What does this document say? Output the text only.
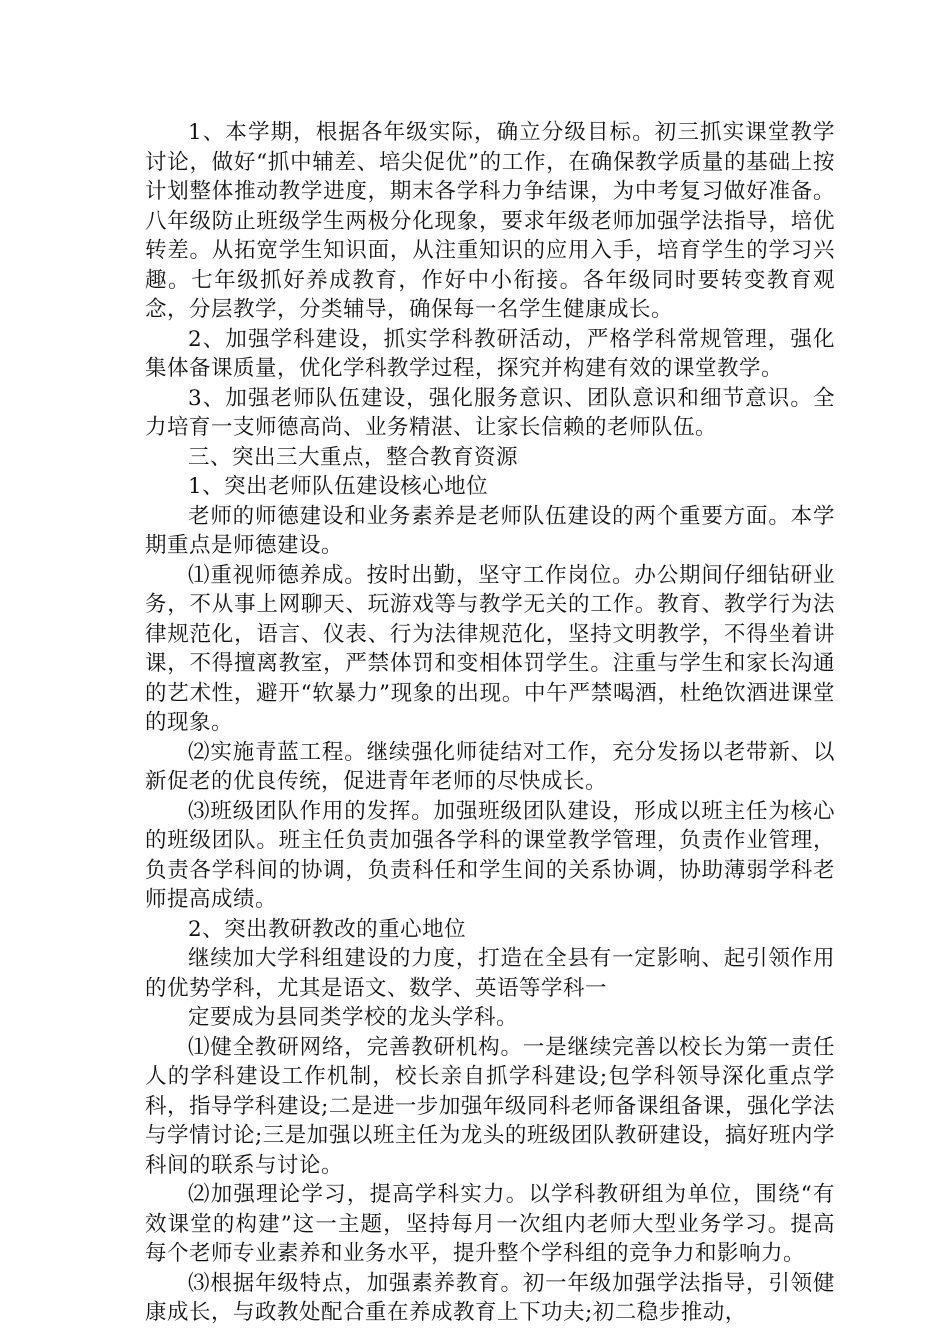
1、本学期，根据各年级实际，确立分级目标。初三抓实课堂教学讨论，做好“抓中辅差、培尖促优”的工作，在确保教学质量的基础上按计划整体推动教学进度，期末各学科力争结课，为中考复习做好准备。八年级防止班级学生两极分化现象，要求年级老师加强学法指导，培优转差。从拓宽学生知识面，从注重知识的应用入手，培育学生的学习兴趣。七年级抓好养成教育，作好中小衔接。各年级同时要转变教育观念，分层教学，分类辅导，确保每一名学生健康成长。

2、加强学科建设，抓实学科教研活动，严格学科常规管理，强化集体备课质量，优化学科教学过程，探究并构建有效的课堂教学。

3、加强老师队伍建设，强化服务意识、团队意识和细节意识。全力培育一支师德高尚、业务精湛、让家长信赖的老师队伍。

三、突出三大重点，整合教育资源

1、突出老师队伍建设核心地位

老师的师德建设和业务素养是老师队伍建设的两个重要方面。本学期重点是师德建设。

⑴重视师德养成。按时出勤，坚守工作岗位。办公期间仔细钻研业务，不从事上网聊天、玩游戏等与教学无关的工作。教育、教学行为法律规范化，语言、仪表、行为法律规范化，坚持文明教学，不得坐着讲课，不得擅离教室，严禁体罚和变相体罚学生。注重与学生和家长沟通的艺术性，避开“软暴力”现象的出现。中午严禁喝酒，杜绝饮酒进课堂的现象。

⑵实施青蓝工程。继续强化师徒结对工作，充分发扬以老带新、以新促老的优良传统，促进青年老师的尽快成长。

⑶班级团队作用的发挥。加强班级团队建设，形成以班主任为核心的班级团队。班主任负责加强各学科的课堂教学管理，负责作业管理，负责各学科间的协调，负责科任和学生间的关系协调，协助薄弱学科老师提高成绩。

2、突出教研教改的重心地位

继续加大学科组建设的力度，打造在全县有一定影响、起引领作用的优势学科，尤其是语文、数学、英语等学科一

定要成为县同类学校的龙头学科。

⑴健全教研网络，完善教研机构。一是继续完善以校长为第一责任人的学科建设工作机制，校长亲自抓学科建设;包学科领导深化重点学科，指导学科建设;二是进一步加强年级同科老师备课组备课，强化学法与学情讨论;三是加强以班主任为龙头的班级团队教研建设，搞好班内学科间的联系与讨论。

⑵加强理论学习，提高学科实力。以学科教研组为单位，围绕“有效课堂的构建”这一主题，坚持每月一次组内老师大型业务学习。提高每个老师专业素养和业务水平，提升整个学科组的竞争力和影响力。

⑶根据年级特点，加强素养教育。初一年级加强学法指导，引领健康成长，与政教处配合重在养成教育上下功夫;初二稳步推动，
